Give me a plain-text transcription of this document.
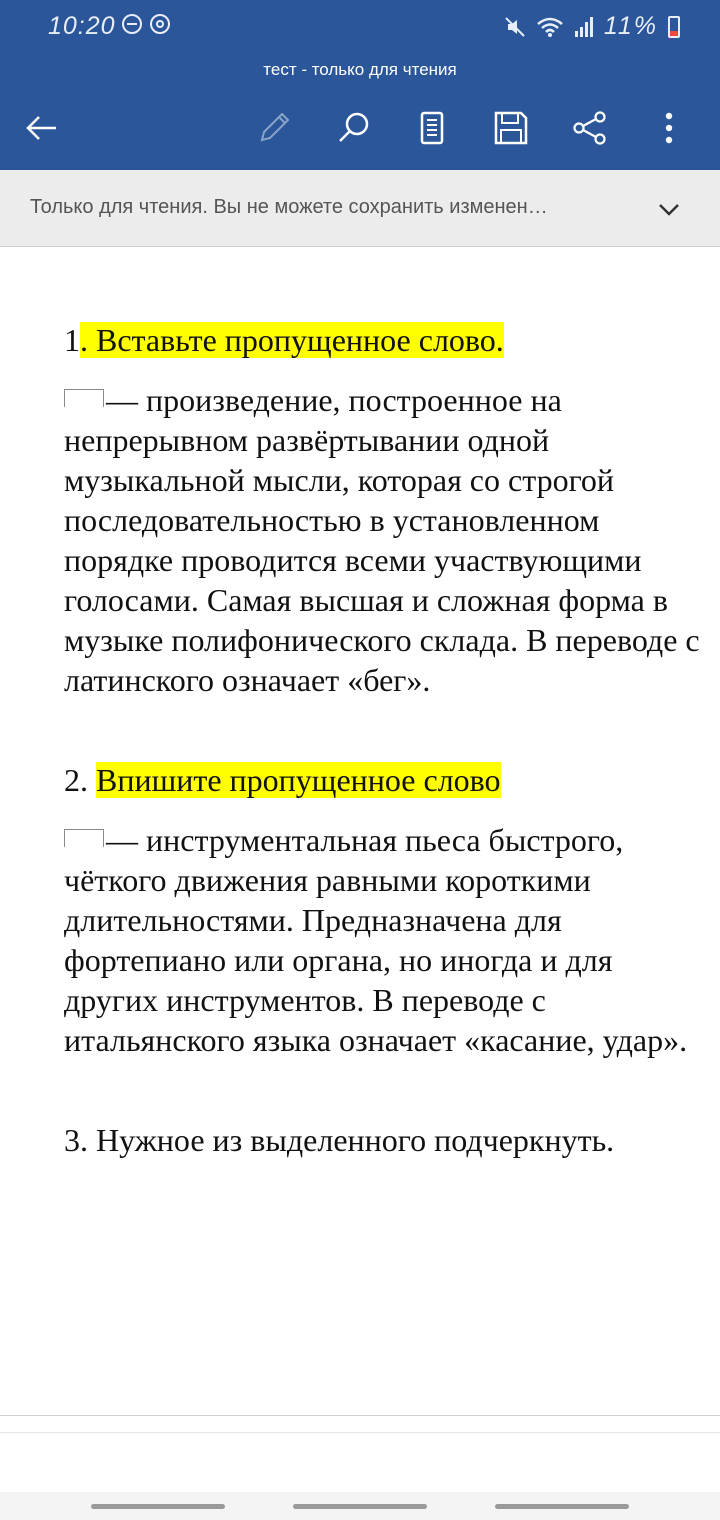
10:20	11%
тест - только для чтения
Только для чтения. Вы не можете сохранить изменен…

1. Вставьте пропущенное слово.

— произведение, построенное на непрерывном развёртывании одной музыкальной мысли, которая со строгой последовательностью в установленном порядке проводится всеми участвующими голосами. Самая высшая и сложная форма в музыке полифонического склада. В переводе с латинского означает «бег».

2. Впишите пропущенное слово

— инструментальная пьеса быстрого, чёткого движения равными короткими длительностями. Предназначена для фортепиано или органа, но иногда и для других инструментов. В переводе с итальянского языка означает «касание, удар».

3. Нужное из выделенного подчеркнуть.
